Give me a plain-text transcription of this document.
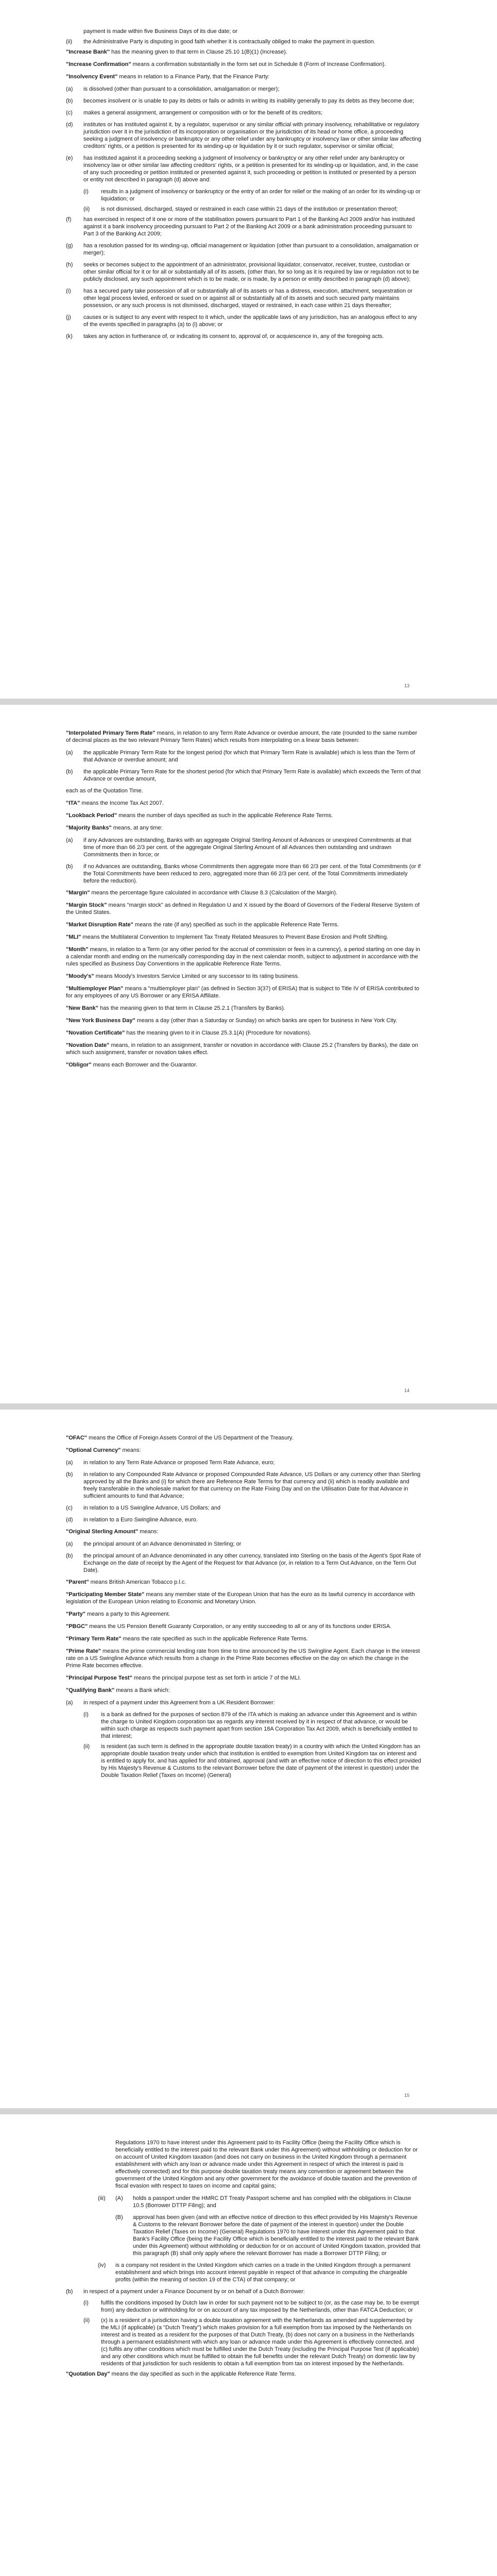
payment is made within five Business Days of its due date; or
(ii) the Administrative Party is disputing in good faith whether it is contractually obliged to make the payment in question.
"Increase Bank" has the meaning given to that term in Clause 25.10 1(B)(1) (Increase).
"Increase Confirmation" means a confirmation substantially in the form set out in Schedule 8 (Form of Increase Confirmation).
"Insolvency Event" means in relation to a Finance Party, that the Finance Party:
(a) is dissolved (other than pursuant to a consolidation, amalgamation or merger);
(b) becomes insolvent or is unable to pay its debts or fails or admits in writing its inability generally to pay its debts as they become due;
(c) makes a general assignment, arrangement or composition with or for the benefit of its creditors;
(d) institutes or has instituted against it, by a regulator, supervisor or any similar official with primary insolvency, rehabilitative or regulatory jurisdiction over it in the jurisdiction of its incorporation or organisation or the jurisdiction of its head or home office, a proceeding seeking a judgment of insolvency or bankruptcy or any other relief under any bankruptcy or insolvency law or other similar law affecting creditors' rights, or a petition is presented for its winding-up or liquidation by it or such regulator, supervisor or similar official;
(e) has instituted against it a proceeding seeking a judgment of insolvency or bankruptcy or any other relief under any bankruptcy or insolvency law or other similar law affecting creditors' rights, or a petition is presented for its winding-up or liquidation, and, in the case of any such proceeding or petition instituted or presented against it, such proceeding or petition is instituted or presented by a person or entity not described in paragraph (d) above and:
(i) results in a judgment of insolvency or bankruptcy or the entry of an order for relief or the making of an order for its winding-up or liquidation; or
(ii) is not dismissed, discharged, stayed or restrained in each case within 21 days of the institution or presentation thereof;
(f) has exercised in respect of it one or more of the stabilisation powers pursuant to Part 1 of the Banking Act 2009 and/or has instituted against it a bank insolvency proceeding pursuant to Part 2 of the Banking Act 2009 or a bank administration proceeding pursuant to Part 3 of the Banking Act 2009;
(g) has a resolution passed for its winding-up, official management or liquidation (other than pursuant to a consolidation, amalgamation or merger);
(h) seeks or becomes subject to the appointment of an administrator, provisional liquidator, conservator, receiver, trustee, custodian or other similar official for it or for all or substantially all of its assets, (other than, for so long as it is required by law or regulation not to be publicly disclosed, any such appointment which is to be made, or is made, by a person or entity described in paragraph (d) above);
(i) has a secured party take possession of all or substantially all of its assets or has a distress, execution, attachment, sequestration or other legal process levied, enforced or sued on or against all or substantially all of its assets and such secured party maintains possession, or any such process is not dismissed, discharged, stayed or restrained, in each case within 21 days thereafter;
(j) causes or is subject to any event with respect to it which, under the applicable laws of any jurisdiction, has an analogous effect to any of the events specified in paragraphs (a) to (i) above; or
(k) takes any action in furtherance of, or indicating its consent to, approval of, or acquiescence in, any of the foregoing acts.
13
"Interpolated Primary Term Rate" means, in relation to any Term Rate Advance or overdue amount, the rate (rounded to the same number of decimal places as the two relevant Primary Term Rates) which results from interpolating on a linear basis between:
(a) the applicable Primary Term Rate for the longest period (for which that Primary Term Rate is available) which is less than the Term of that Advance or overdue amount; and
(b) the applicable Primary Term Rate for the shortest period (for which that Primary Term Rate is available) which exceeds the Term of that Advance or overdue amount,
each as of the Quotation Time.
"ITA" means the Income Tax Act 2007.
"Lookback Period" means the number of days specified as such in the applicable Reference Rate Terms.
"Majority Banks" means, at any time:
(a) if any Advances are outstanding, Banks with an aggregate Original Sterling Amount of Advances or unexpired Commitments at that time of more than 66 2/3 per cent. of the aggregate Original Sterling Amount of all Advances then outstanding and undrawn Commitments then in force; or
(b) if no Advances are outstanding, Banks whose Commitments then aggregate more than 66 2/3 per cent. of the Total Commitments (or if the Total Commitments have been reduced to zero, aggregated more than 66 2/3 per cent. of the Total Commitments immediately before the reduction).
"Margin" means the percentage figure calculated in accordance with Clause 8.3 (Calculation of the Margin).
"Margin Stock" means "margin stock" as defined in Regulation U and X issued by the Board of Governors of the Federal Reserve System of the United States.
"Market Disruption Rate" means the rate (if any) specified as such in the applicable Reference Rate Terms.
"MLI" means the Multilateral Convention to Implement Tax Treaty Related Measures to Prevent Base Erosion and Profit Shifting.
"Month" means, in relation to a Term (or any other period for the accrual of commission or fees in a currency), a period starting on one day in a calendar month and ending on the numerically corresponding day in the next calendar month, subject to adjustment in accordance with the rules specified as Business Day Conventions in the applicable Reference Rate Terms.
"Moody's" means Moody's Investors Service Limited or any successor to its rating business.
"Multiemployer Plan" means a "multiemployer plan" (as defined in Section 3(37) of ERISA) that is subject to Title IV of ERISA contributed to for any employees of any US Borrower or any ERISA Affiliate.
"New Bank" has the meaning given to that term in Clause 25.2.1 (Transfers by Banks).
"New York Business Day" means a day (other than a Saturday or Sunday) on which banks are open for business in New York City.
"Novation Certificate" has the meaning given to it in Clause 25.3.1(A) (Procedure for novations).
"Novation Date" means, in relation to an assignment, transfer or novation in accordance with Clause 25.2 (Transfers by Banks), the date on which such assignment, transfer or novation takes effect.
"Obligor" means each Borrower and the Guarantor.
14
"OFAC" means the Office of Foreign Assets Control of the US Department of the Treasury.
"Optional Currency" means:
(a) in relation to any Term Rate Advance or proposed Term Rate Advance, euro;
(b) in relation to any Compounded Rate Advance or proposed Compounded Rate Advance, US Dollars or any currency other than Sterling approved by all the Banks and (i) for which there are Reference Rate Terms for that currency and (ii) which is readily available and freely transferable in the wholesale market for that currency on the Rate Fixing Day and on the Utilisation Date for that Advance in sufficient amounts to fund that Advance;
(c) in relation to a US Swingline Advance, US Dollars; and
(d) in relation to a Euro Swingline Advance, euro.
"Original Sterling Amount" means:
(a) the principal amount of an Advance denominated in Sterling; or
(b) the principal amount of an Advance denominated in any other currency, translated into Sterling on the basis of the Agent's Spot Rate of Exchange on the date of receipt by the Agent of the Request for that Advance (or, in relation to a Term Out Advance, on the Term Out Date).
"Parent" means British American Tobacco p.l.c.
"Participating Member State" means any member state of the European Union that has the euro as its lawful currency in accordance with legislation of the European Union relating to Economic and Monetary Union.
"Party" means a party to this Agreement.
"PBGC" means the US Pension Benefit Guaranty Corporation, or any entity succeeding to all or any of its functions under ERISA.
"Primary Term Rate" means the rate specified as such in the applicable Reference Rate Terms.
"Prime Rate" means the prime commercial lending rate from time to time announced by the US Swingline Agent. Each change in the interest rate on a US Swingline Advance which results from a change in the Prime Rate becomes effective on the day on which the change in the Prime Rate becomes effective.
"Principal Purpose Test" means the principal purpose test as set forth in article 7 of the MLI.
"Qualifying Bank" means a Bank which:
(a) in respect of a payment under this Agreement from a UK Resident Borrower:
(i) is a bank as defined for the purposes of section 879 of the ITA which is making an advance under this Agreement and is within the charge to United Kingdom corporation tax as regards any interest received by it in respect of that advance, or would be within such charge as respects such payment apart from section 18A Corporation Tax Act 2009, which is beneficially entitled to that interest;
(ii) is resident (as such term is defined in the appropriate double taxation treaty) in a country with which the United Kingdom has an appropriate double taxation treaty under which that institution is entitled to exemption from United Kingdom tax on interest and is entitled to apply for, and has applied for and obtained, approval (and with an effective notice of direction to this effect provided by His Majesty's Revenue & Customs to the relevant Borrower before the date of payment of the interest in question) under the Double Taxation Relief (Taxes on Income) (General)
15
Regulations 1970 to have interest under this Agreement paid to its Facility Office (being the Facility Office which is beneficially entitled to the interest paid to the relevant Bank under this Agreement) without withholding or deduction for or on account of United Kingdom taxation (and does not carry on business in the United Kingdom through a permanent establishment with which any loan or advance made under this Agreement in respect of which the interest is paid is effectively connected) and for this purpose double taxation treaty means any convention or agreement between the government of the United Kingdom and any other government for the avoidance of double taxation and the prevention of fiscal evasion with respect to taxes on income and capital gains;
(iii) (A) holds a passport under the HMRC DT Treaty Passport scheme and has complied with the obligations in Clause 10.5 (Borrower DTTP Filing); and
(B) approval has been given (and with an effective notice of direction to this effect provided by His Majesty's Revenue & Customs to the relevant Borrower before the date of payment of the interest in question) under the Double Taxation Relief (Taxes on Income) (General) Regulations 1970 to have interest under this Agreement paid to that Bank's Facility Office (being the Facility Office which is beneficially entitled to the interest paid to the relevant Bank under this Agreement) without withholding or deduction for or on account of United Kingdom taxation, provided that this paragraph (B) shall only apply where the relevant Borrower has made a Borrower DTTP Filing; or
(iv) is a company not resident in the United Kingdom which carries on a trade in the United Kingdom through a permanent establishment and which brings into account interest payable in respect of that advance in computing the chargeable profits (within the meaning of section 19 of the CTA) of that company; or
(b) in respect of a payment under a Finance Document by or on behalf of a Dutch Borrower:
(i) fulfils the conditions imposed by Dutch law in order for such payment not to be subject to (or, as the case may be, to be exempt from) any deduction or withholding for or on account of any tax imposed by the Netherlands, other than FATCA Deduction; or
(ii) (x) is a resident of a jurisdiction having a double taxation agreement with the Netherlands as amended and supplemented by the MLI (if applicable) (a "Dutch Treaty") which makes provision for a full exemption from tax imposed by the Netherlands on interest and is treated as a resident for the purposes of that Dutch Treaty, (b) does not carry on a business in the Netherlands through a permanent establishment with which any loan or advance made under this Agreement is effectively connected, and (c) fulfils any other conditions which must be fulfilled under the Dutch Treaty (including the Principal Purpose Test (if applicable) and any other conditions which must be fulfilled to obtain the full benefits under the relevant Dutch Treaty) on domestic law by residents of that jurisdiction for such residents to obtain a full exemption from tax on interest imposed by the Netherlands.
"Quotation Day" means the day specified as such in the applicable Reference Rate Terms.
